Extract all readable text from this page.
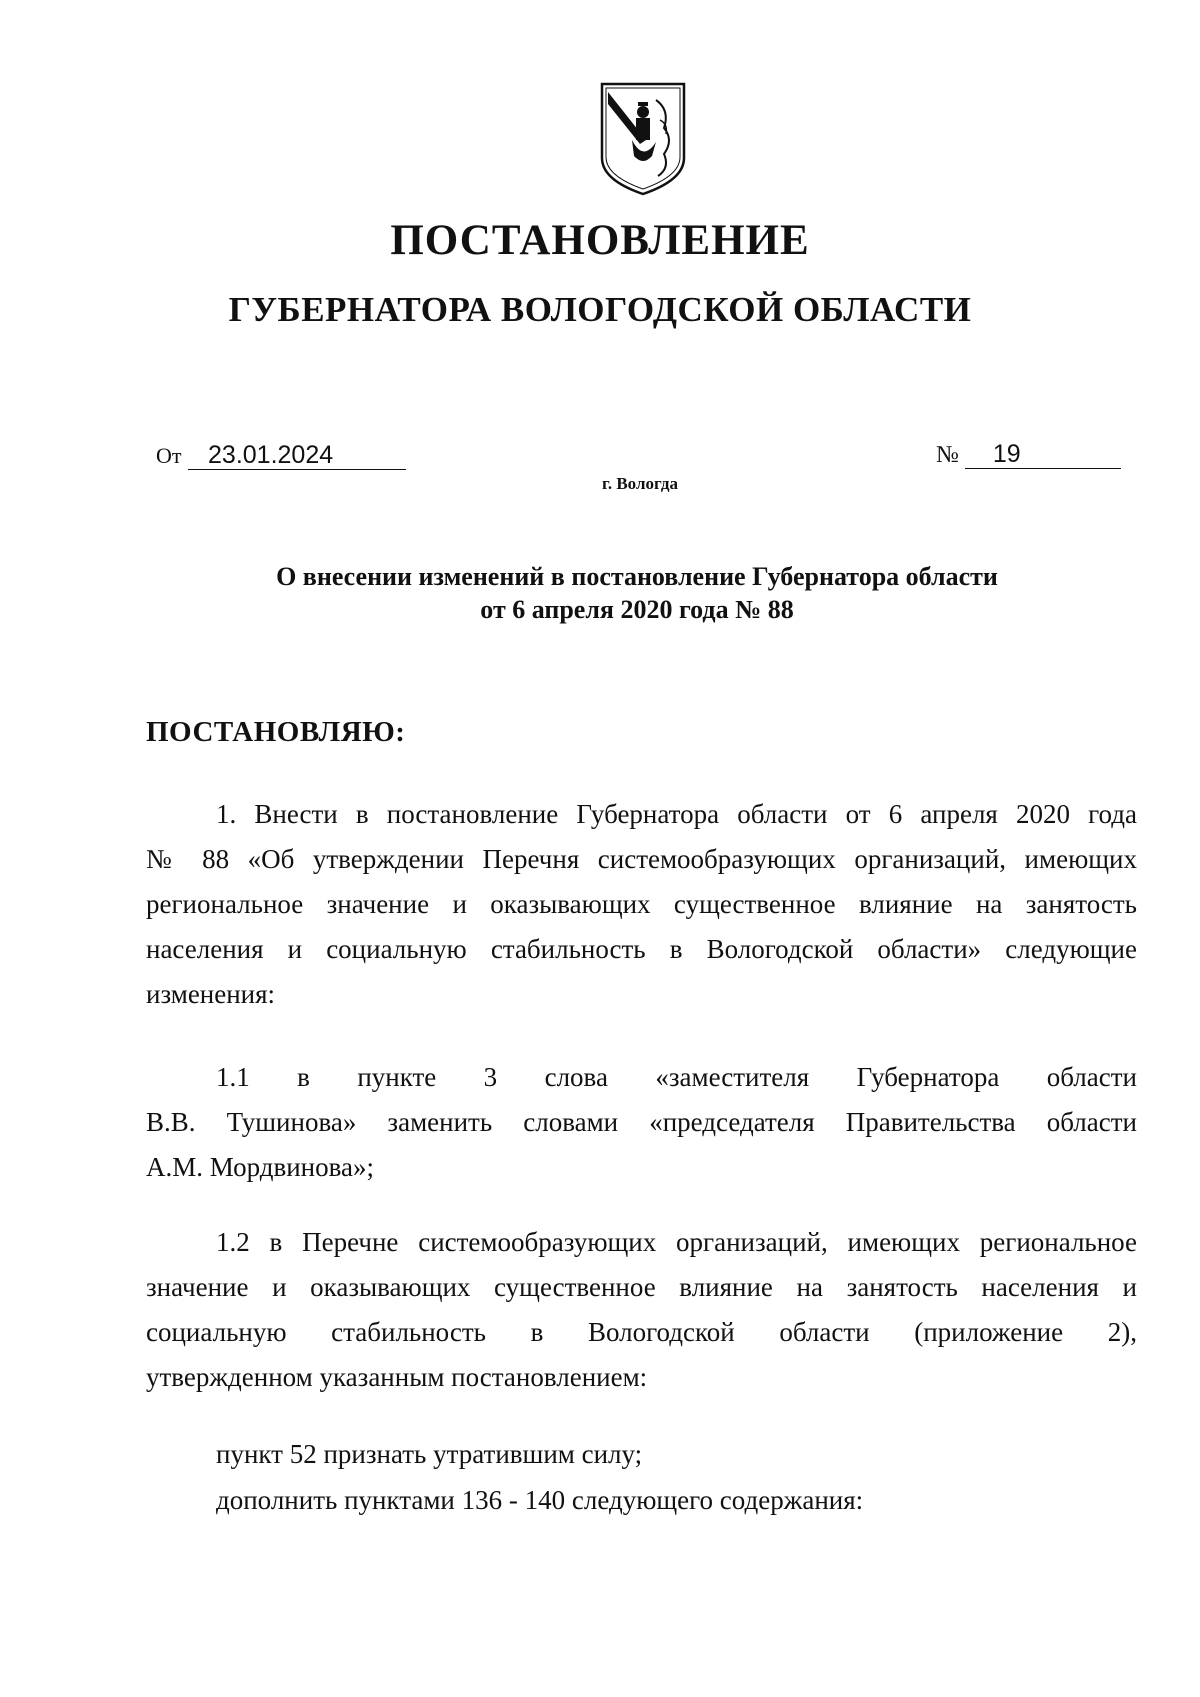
ПОСТАНОВЛЕНИЕ
ГУБЕРНАТОРА ВОЛОГОДСКОЙ ОБЛАСТИ
От 23.01.2024	№ 19
г. Вологда
О внесении изменений в постановление Губернатора области
от 6 апреля 2020 года № 88
ПОСТАНОВЛЯЮ:
1. Внести в постановление Губернатора области от 6 апреля 2020 года
№ 88 «Об утверждении Перечня системообразующих организаций, имеющих
региональное значение и оказывающих существенное влияние на занятость
населения и социальную стабильность в Вологодской области» следующие
изменения:
1.1 в пункте 3 слова «заместителя Губернатора области
В.В. Тушинова» заменить словами «председателя Правительства области
А.М. Мордвинова»;
1.2 в Перечне системообразующих организаций, имеющих региональное
значение и оказывающих существенное влияние на занятость населения и
социальную стабильность в Вологодской области (приложение 2),
утвержденном указанным постановлением:
пункт 52 признать утратившим силу;
дополнить пунктами 136 - 140 следующего содержания:
